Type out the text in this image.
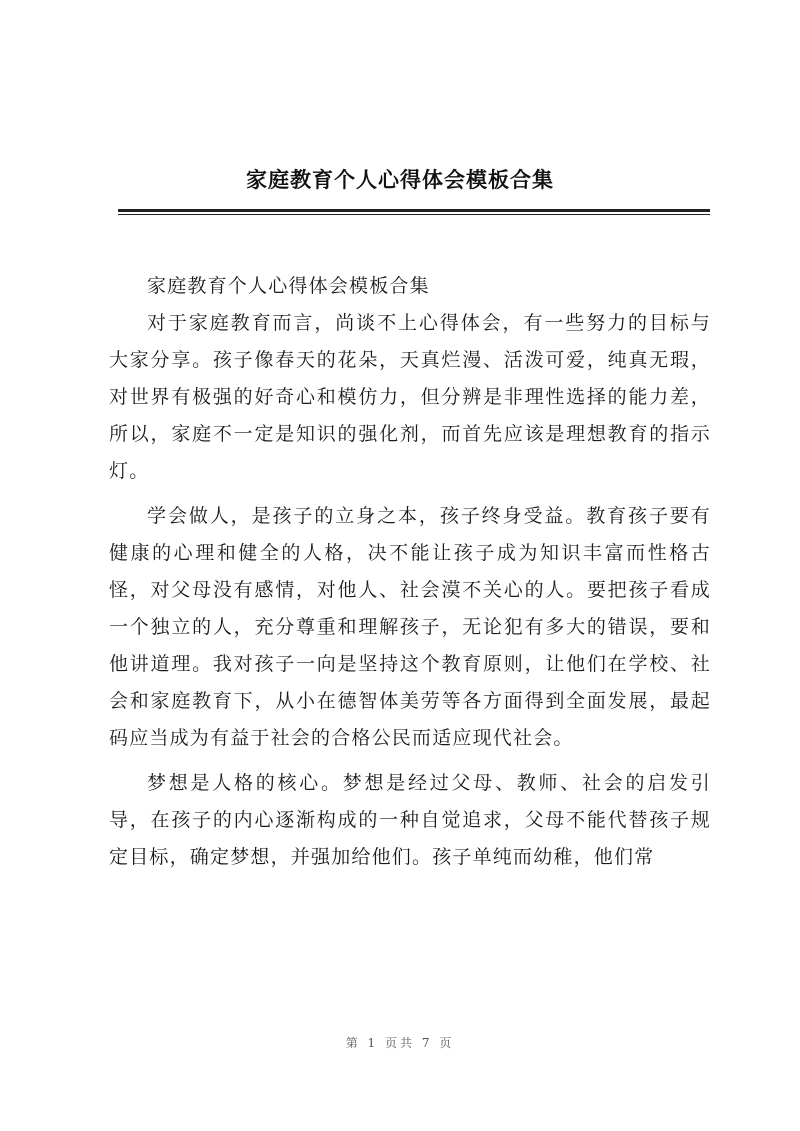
家庭教育个人心得体会模板合集

家庭教育个人心得体会模板合集

对于家庭教育而言，尚谈不上心得体会，有一些努力的目标与大家分享。孩子像春天的花朵，天真烂漫、活泼可爱，纯真无瑕，对世界有极强的好奇心和模仿力，但分辨是非理性选择的能力差，所以，家庭不一定是知识的强化剂，而首先应该是理想教育的指示灯。

学会做人，是孩子的立身之本，孩子终身受益。教育孩子要有健康的心理和健全的人格，决不能让孩子成为知识丰富而性格古怪，对父母没有感情，对他人、社会漠不关心的人。要把孩子看成一个独立的人，充分尊重和理解孩子，无论犯有多大的错误，要和他讲道理。我对孩子一向是坚持这个教育原则，让他们在学校、社会和家庭教育下，从小在德智体美劳等各方面得到全面发展，最起码应当成为有益于社会的合格公民而适应现代社会。

梦想是人格的核心。梦想是经过父母、教师、社会的启发引导，在孩子的内心逐渐构成的一种自觉追求，父母不能代替孩子规定目标，确定梦想，并强加给他们。孩子单纯而幼稚，他们常

第 1 页共 7 页
